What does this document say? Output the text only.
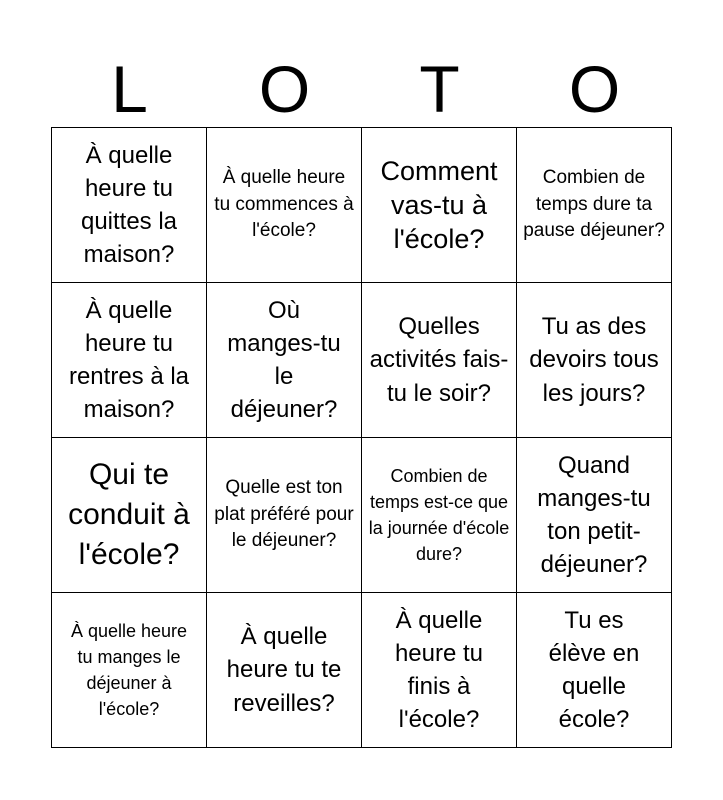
L	O	T	O
À quelle heure tu quittes la maison?
À quelle heure tu commences à l'école?
Comment vas-tu à l'école?
Combien de temps dure ta pause déjeuner?
À quelle heure tu rentres à la maison?
Où manges-tu le déjeuner?
Quelles activités fais-tu le soir?
Tu as des devoirs tous les jours?
Qui te conduit à l'école?
Quelle est ton plat préféré pour le déjeuner?
Combien de temps est-ce que la journée d'école dure?
Quand manges-tu ton petit-déjeuner?
À quelle heure tu manges le déjeuner à l'école?
À quelle heure tu te reveilles?
À quelle heure tu finis à l'école?
Tu es élève en quelle école?
